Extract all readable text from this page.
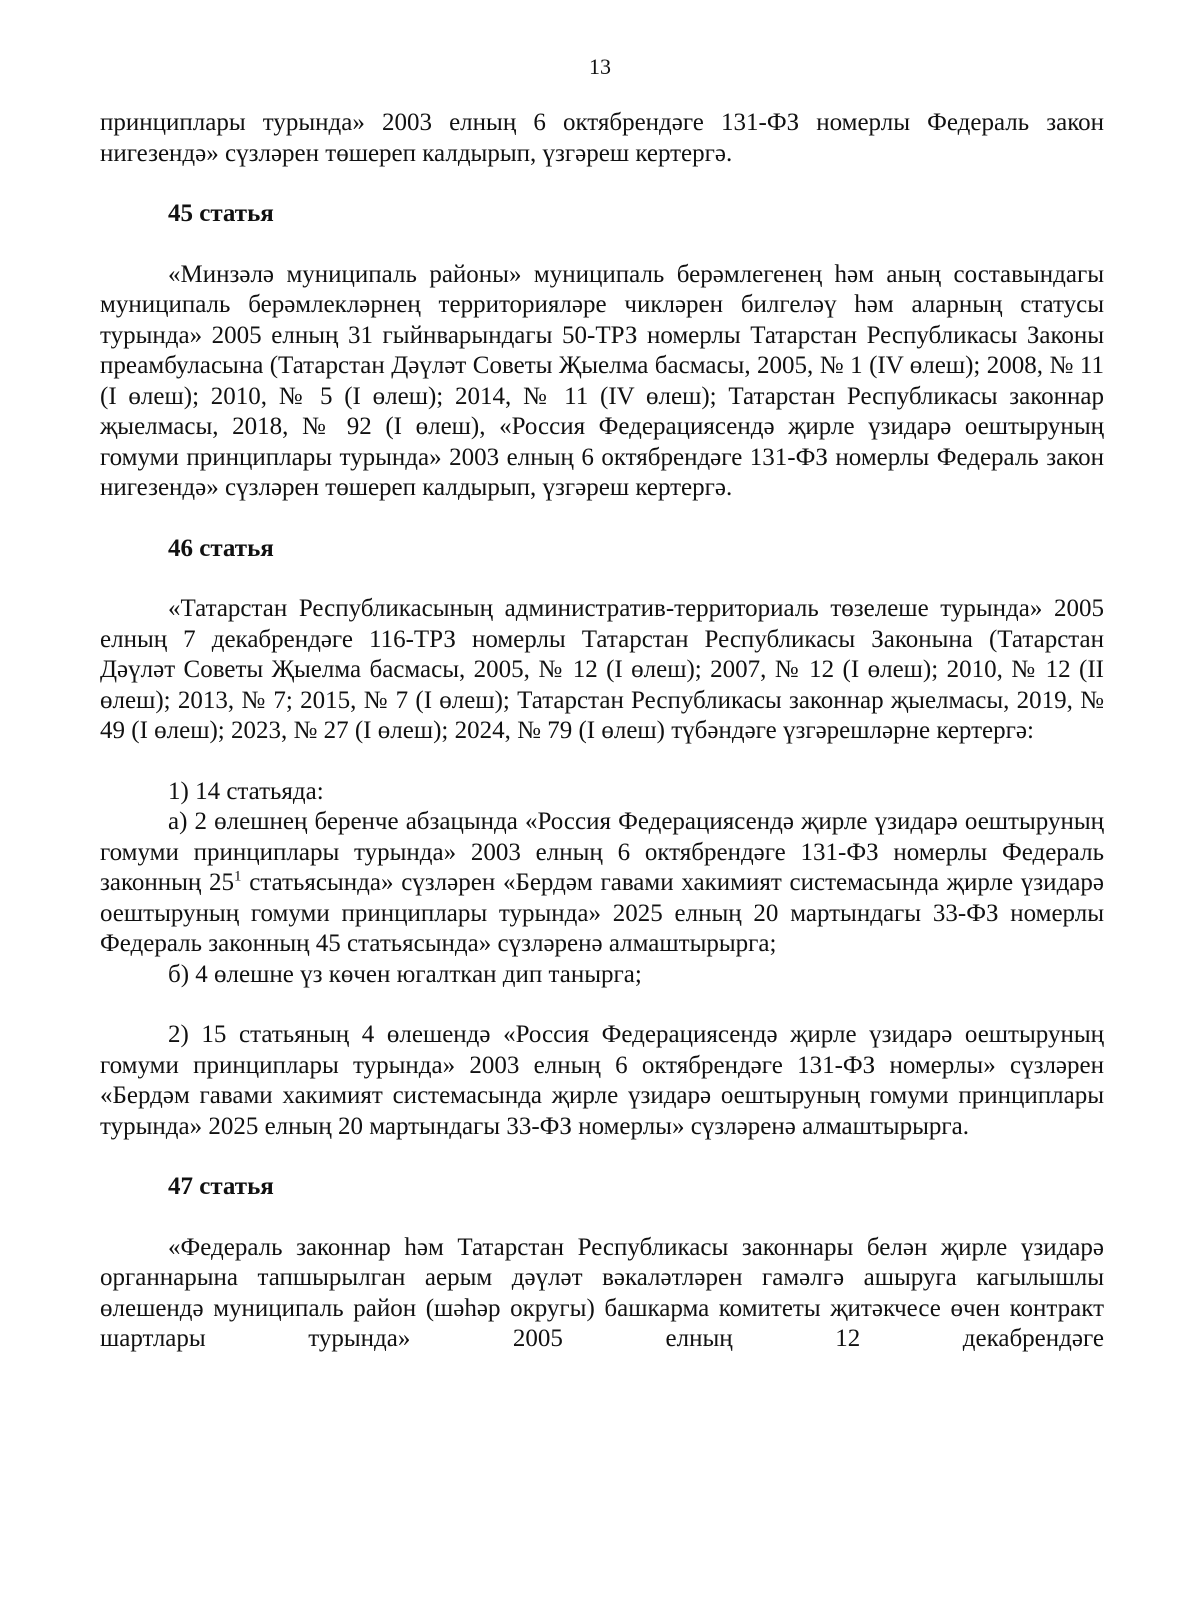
13

принциплары турында» 2003 елның 6 октябрендәге 131-ФЗ номерлы Федераль закон нигезендә» сүзләрен төшереп калдырып, үзгәреш кертергә.

45 статья

«Минзәлә муниципаль районы» муниципаль берәмлегенең һәм аның составындагы муниципаль берәмлекләрнең территорияләре чикләрен билгеләү һәм аларның статусы турында» 2005 елның 31 гыйнварындагы 50-ТРЗ номерлы Татарстан Республикасы Законы преамбуласына (Татарстан Дәүләт Советы Җыелма басмасы, 2005, № 1 (IV өлеш); 2008, № 11 (I өлеш); 2010, № 5 (I өлеш); 2014, № 11 (IV өлеш); Татарстан Республикасы законнар җыелмасы, 2018, № 92 (I өлеш), «Россия Федерациясендә җирле үзидарә оештыруның гомуми принциплары турында» 2003 елның 6 октябрендәге 131-ФЗ номерлы Федераль закон нигезендә» сүзләрен төшереп калдырып, үзгәреш кертергә.

46 статья

«Татарстан Республикасының административ-территориаль төзелеше турында» 2005 елның 7 декабрендәге 116-ТРЗ номерлы Татарстан Республикасы Законына (Татарстан Дәүләт Советы Җыелма басмасы, 2005, № 12 (I өлеш); 2007, № 12 (I өлеш); 2010, № 12 (II өлеш); 2013, № 7; 2015, № 7 (I өлеш); Татарстан Республикасы законнар җыелмасы, 2019, № 49 (I өлеш); 2023, № 27 (I өлеш); 2024, № 79 (I өлеш) түбәндәге үзгәрешләрне кертергә:

1) 14 статьяда:

а) 2 өлешнең беренче абзацында «Россия Федерациясендә җирле үзидарә оештыруның гомуми принциплары турында» 2003 елның 6 октябрендәге 131-ФЗ номерлы Федераль законның $25^1$ статьясында» сүзләрен «Бердәм гавами хакимият системасында җирле үзидарә оештыруның гомуми принциплары турында» 2025 елның 20 мартындагы 33-ФЗ номерлы Федераль законның 45 статьясында» сүзләренә алмаштырырга;

б) 4 өлешне үз көчен югалткан дип танырга;

2) 15 статьяның 4 өлешендә «Россия Федерациясендә җирле үзидарә оештыруның гомуми принциплары турында» 2003 елның 6 октябрендәге 131-ФЗ номерлы» сүзләрен «Бердәм гавами хакимият системасында җирле үзидарә оештыруның гомуми принциплары турында» 2025 елның 20 мартындагы 33-ФЗ номерлы» сүзләренә алмаштырырга.

47 статья

«Федераль законнар һәм Татарстан Республикасы законнары белән җирле үзидарә органнарына тапшырылган аерым дәүләт вәкаләтләрен гамәлгә ашыруга кагылышлы өлешендә муниципаль район (шәһәр округы) башкарма комитеты җитәкчесе өчен контракт шартлары турында» 2005 елның 12 декабрендәге
